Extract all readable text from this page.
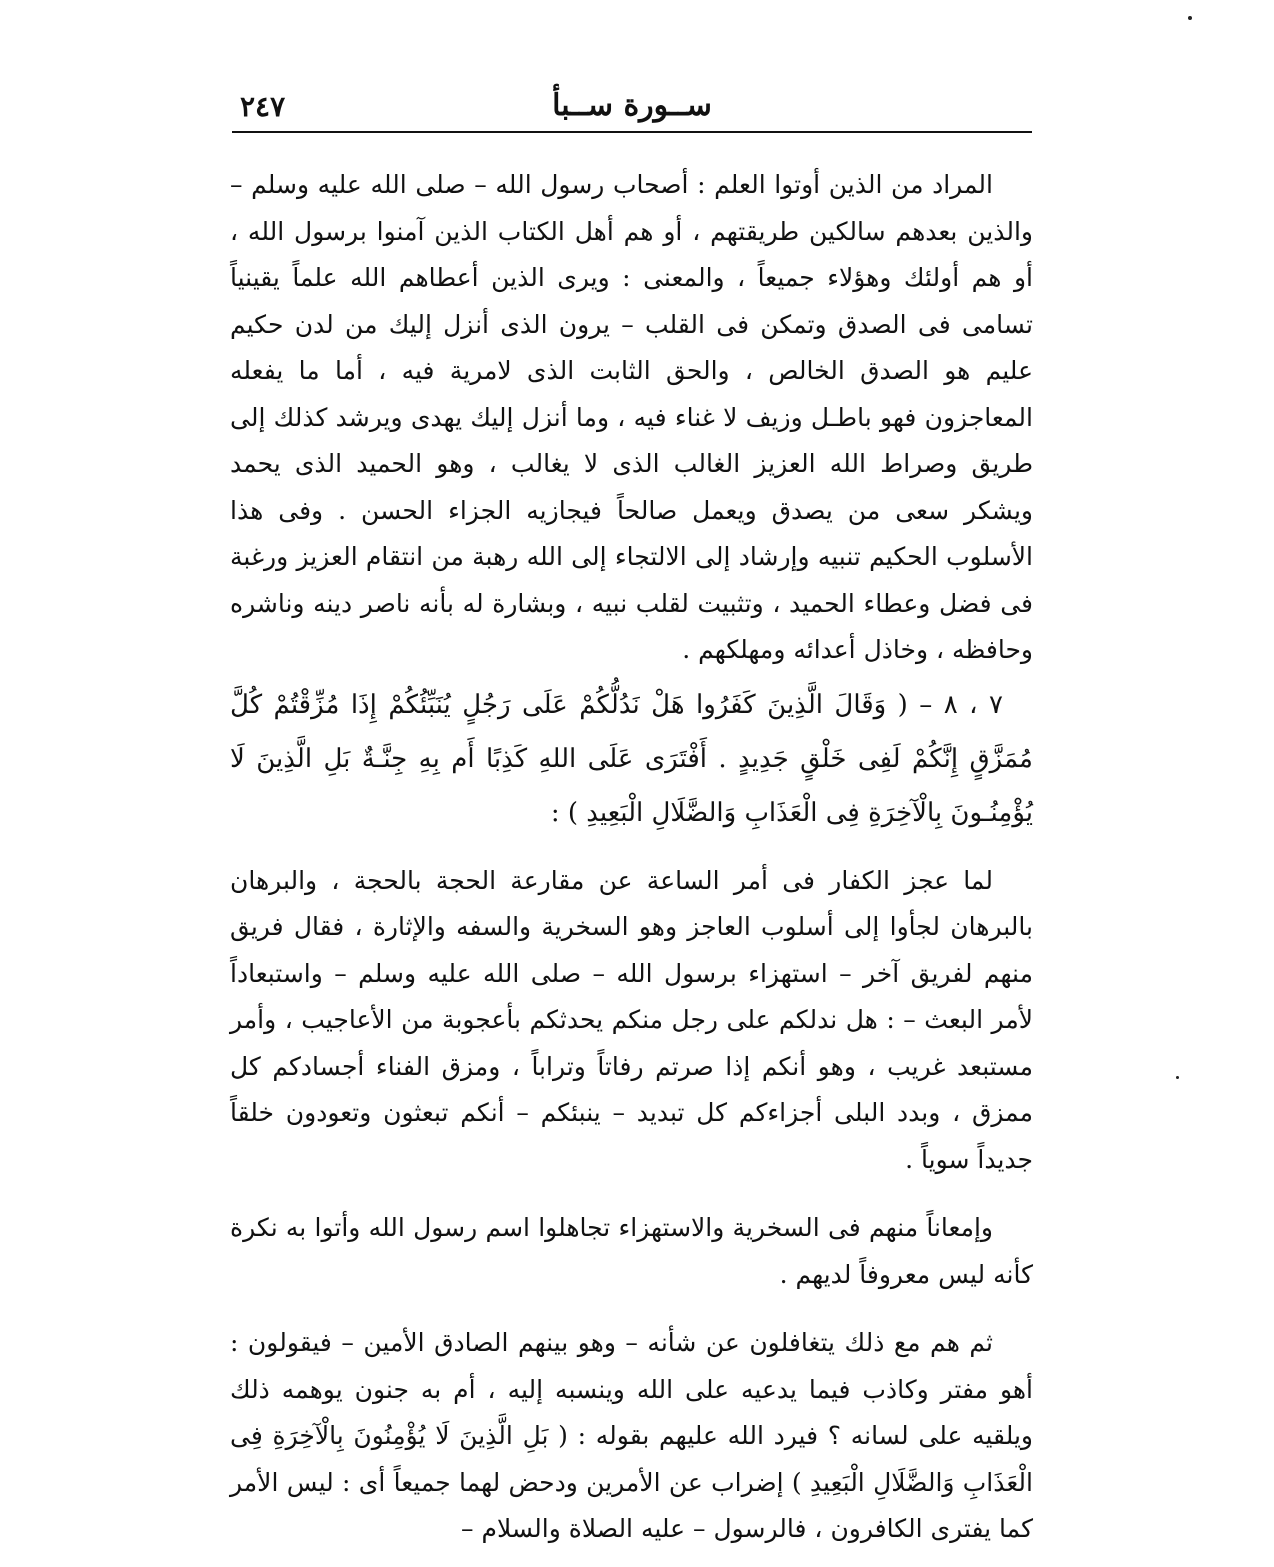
٢٤٧	ســورة ســبأ

المراد من الذين أوتوا العلم : أصحاب رسول الله – صلى الله عليه وسلم – والذين بعدهم سالكين طريقتهم ، أو هم أهل الكتاب الذين آمنوا برسول الله ، أو هم أولئك وهؤلاء جميعاً ، والمعنى : ويرى الذين أعطاهم الله علماً يقينياً تسامى فى الصدق وتمكن فى القلب – يرون الذى أنزل إليك من لدن حكيم عليم هو الصدق الخالص ، والحق الثابت الذى لامرية فيه ، أما ما يفعله المعاجزون فهو باطـل وزيف لا غناء فيه ، وما أنزل إليك يهدى ويرشد كذلك إلى طريق وصراط الله العزيز الغالب الذى لا يغالب ، وهو الحميد الذى يحمد ويشكر سعى من يصدق ويعمل صالحاً فيجازيه الجزاء الحسن . وفى هذا الأسلوب الحكيم تنبيه وإرشاد إلى الالتجاء إلى الله رهبة من انتقام العزيز ورغبة فى فضل وعطاء الحميد ، وتثبيت لقلب نبيه ، وبشارة له بأنه ناصر دينه وناشره وحافظه ، وخاذل أعدائه ومهلكهم .

٧ ، ٨ – ( وَقَالَ الَّذِينَ كَفَرُوا هَلْ نَدُلُّكُمْ عَلَى رَجُلٍ يُنَبِّئُكُمْ إِذَا مُزِّقْتُمْ كُلَّ مُمَزَّقٍ إِنَّكُمْ لَفِى خَلْقٍ جَدِيدٍ . أَفْتَرَى عَلَى اللهِ كَذِبًا أَم بِهِ جِنَّـةٌ بَلِ الَّذِينَ لَا يُؤْمِنُـونَ بِالْآخِرَةِ فِى الْعَذَابِ وَالضَّلَالِ الْبَعِيدِ ) :

لما عجز الكفار فى أمر الساعة عن مقارعة الحجة بالحجة ، والبرهان بالبرهان لجأوا إلى أسلوب العاجز وهو السخرية والسفه والإثارة ، فقال فريق منهم لفريق آخر – استهزاء برسول الله – صلى الله عليه وسلم – واستبعاداً لأمر البعث – : هل ندلكم على رجل منكم يحدثكم بأعجوبة من الأعاجيب ، وأمر مستبعد غريب ، وهو أنكم إذا صرتم رفاتاً وتراباً ، ومزق الفناء أجسادكم كل ممزق ، وبدد البلى أجزاءكم كل تبديد – ينبئكم – أنكم تبعثون وتعودون خلقاً جديداً سوياً .

وإمعاناً منهم فى السخرية والاستهزاء تجاهلوا اسم رسول الله وأتوا به نكرة كأنه ليس معروفاً لديهم .

ثم هم مع ذلك يتغافلون عن شأنه – وهو بينهم الصادق الأمين – فيقولون : أهو مفتر وكاذب فيما يدعيه على الله وينسبه إليه ، أم به جنون يوهمه ذلك ويلقيه على لسانه ؟ فيرد الله عليهم بقوله : ( بَلِ الَّذِينَ لَا يُؤْمِنُونَ بِالْآخِرَةِ فِى الْعَذَابِ وَالضَّلَالِ الْبَعِيدِ ) إضراب عن الأمرين ودحض لهما جميعاً أى : ليس الأمر كما يفترى الكافرون ، فالرسول – عليه الصلاة والسلام –
